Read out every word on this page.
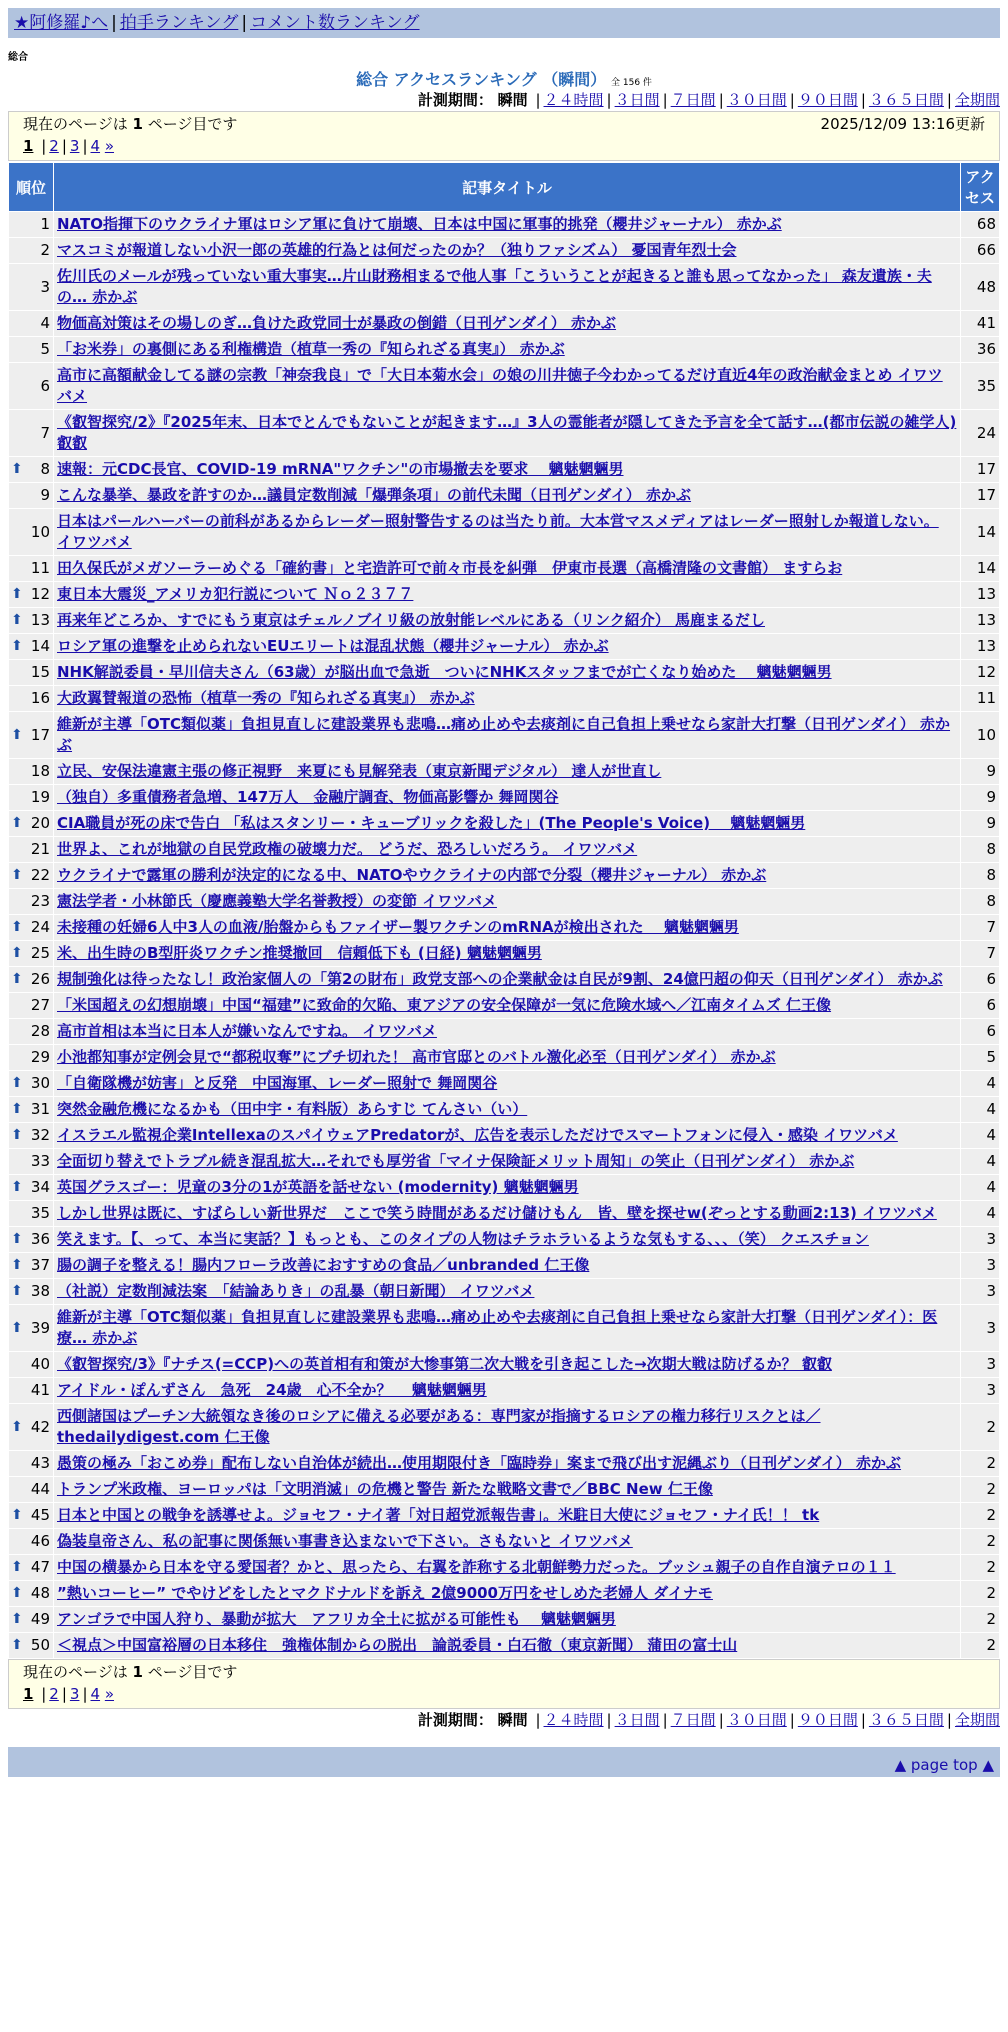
★阿修羅♪へ | 拍手ランキング | コメント数ランキング
総合
総合 アクセスランキング （瞬間） 全 156 件
計測期間： 瞬間 | ２４時間 | ３日間 | ７日間 | ３０日間 | ９０日間 | ３６５日間 | 全期間
現在のページは 1 ページ目です	2025/12/09 13:16更新
1 | 2 | 3 | 4 »
順位	記事タイトル	アクセス
1	NATO指揮下のウクライナ軍はロシア軍に負けて崩壊、日本は中国に軍事的挑発（櫻井ジャーナル） 赤かぶ	68
2	マスコミが報道しない小沢一郎の英雄的行為とは何だったのか？（独りファシズム） 憂国青年烈士会	66
3	佐川氏のメールが残っていない重大事実…片山財務相まるで他人事「こういうことが起きると誰も思ってなかった」 森友遺族・夫の… 赤かぶ	48
4	物価高対策はその場しのぎ…負けた政党同士が暴政の倒錯（日刊ゲンダイ） 赤かぶ	41
5	「お米券」の裏側にある利権構造（植草一秀の『知られざる真実』） 赤かぶ	36
6	高市に高額献金してる謎の宗教「神奈我良」で「大日本菊水会」の娘の川井徳子今わかってるだけ直近4年の政治献金まとめ イワツバメ	35
7	《叡智探究/2》『2025年末、日本でとんでもないことが起きます…』3人の霊能者が隠してきた予言を全て話す…(都市伝説の雑学人) 叡叡	24

⬆ 8	速報：元CDC長官、COVID-19 mRNA"ワクチン"の市場撤去を要求　 魑魅魍魎男	17
9	こんな暴挙、暴政を許すのか…議員定数削減「爆弾条項」の前代未聞（日刊ゲンダイ） 赤かぶ	17
10	日本はパールハーバーの前科があるからレーダー照射警告するのは当たり前。大本営マスメディアはレーダー照射しか報道しない。 イワツバメ	14
11	田久保氏がメガソーラーめぐる「確約書」と宅造許可で前々市長を糾弾　伊東市長選（高橋清隆の文書館） ますらお	14

⬆ 12	東日本大震災_アメリカ犯行説について Ｎｏ２３７７	13

⬆ 13	再来年どころか、すでにもう東京はチェルノブイリ級の放射能レベルにある（リンク紹介） 馬鹿まるだし	13

⬆ 14	ロシア軍の進撃を止められないEUエリートは混乱状態（櫻井ジャーナル） 赤かぶ	13
15	NHK解説委員・早川信夫さん（63歳）が脳出血で急逝　ついにNHKスタッフまでが亡くなり始めた　 魑魅魍魎男	12
16	大政翼賛報道の恐怖（植草一秀の『知られざる真実』） 赤かぶ	11

⬆ 17	維新が主導「OTC類似薬」負担見直しに建設業界も悲鳴…痛め止めや去痰剤に自己負担上乗せなら家計大打撃（日刊ゲンダイ） 赤かぶ	10
18	立民、安保法違憲主張の修正視野　来夏にも見解発表（東京新聞デジタル） 達人が世直し	9
19	（独自）多重債務者急増、147万人　金融庁調査、物価高影響か 舞岡関谷	9

⬆ 20	CIA職員が死の床で告白 「私はスタンリー・キューブリックを殺した」(The People's Voice)　 魑魅魍魎男	9
21	世界よ、これが地獄の自民党政権の破壊力だ。 どうだ、恐ろしいだろう。 イワツバメ	8

⬆ 22	ウクライナで露軍の勝利が決定的になる中、NATOやウクライナの内部で分裂（櫻井ジャーナル） 赤かぶ	8
23	憲法学者・小林節氏（慶應義塾大学名誉教授）の変節 イワツバメ	8

⬆ 24	未接種の妊婦6人中3人の血液/胎盤からもファイザー製ワクチンのmRNAが検出された　 魑魅魍魎男	7

⬆ 25	米、出生時のB型肝炎ワクチン推奨撤回　信頼低下も (日経) 魑魅魍魎男	7

⬆ 26	規制強化は待ったなし！政治家個人の「第2の財布」政党支部への企業献金は自民が9割、24億円超の仰天（日刊ゲンダイ） 赤かぶ	6
27	「米国超えの幻想崩壊」中国“福建”に致命的欠陥、東アジアの安全保障が一気に危険水域へ／江南タイムズ 仁王像	6
28	高市首相は本当に日本人が嫌いなんですね。 イワツバメ	6
29	小池都知事が定例会見で“都税収奪”にブチ切れた！ 高市官邸とのバトル激化必至（日刊ゲンダイ） 赤かぶ	5

⬆ 30	「自衛隊機が妨害」と反発　中国海軍、レーダー照射で 舞岡関谷	4

⬆ 31	突然金融危機になるかも（田中宇・有料版）あらすじ てんさい（い）	4

⬆ 32	イスラエル監視企業IntellexaのスパイウェアPredatorが、広告を表示しただけでスマートフォンに侵入・感染 イワツバメ	4
33	全面切り替えでトラブル続き混乱拡大…それでも厚労省「マイナ保険証メリット周知」の笑止（日刊ゲンダイ） 赤かぶ	4

⬆ 34	英国グラスゴー：児童の3分の1が英語を話せない (modernity) 魑魅魍魎男	4
35	しかし世界は既に、すばらしい新世界だ　ここで笑う時間があるだけ儲けもん　皆、壁を探せw(ぞっとする動画2:13) イワツバメ	4

⬆ 36	笑えます。【、って、本当に実話？】もっとも、このタイプの人物はチラホラいるような気もする、、、（笑） クエスチョン	3

⬆ 37	腸の調子を整える！腸内フローラ改善におすすめの食品／unbranded 仁王像	3

⬆ 38	（社説）定数削減法案　「結論ありき」の乱暴（朝日新聞） イワツバメ	3

⬆ 39	維新が主導「OTC類似薬」負担見直しに建設業界も悲鳴…痛め止めや去痰剤に自己負担上乗せなら家計大打撃（日刊ゲンダイ）：医療… 赤かぶ	3
40	《叡智探究/3》『ナチス(=CCP)への英首相有和策が大惨事第二次大戦を引き起こした→次期大戦は防げるか？ 叡叡	3
41	アイドル・ぽんずさん　急死　24歳　心不全か？　 魑魅魍魎男	3

⬆ 42	西側諸国はプーチン大統領なき後のロシアに備える必要がある：専門家が指摘するロシアの権力移行リスクとは／thedailydigest.com 仁王像	2
43	愚策の極み「おこめ券」配布しない自治体が続出…使用期限付き「臨時券」案まで飛び出す泥縄ぶり（日刊ゲンダイ） 赤かぶ	2
44	トランプ米政権、ヨーロッパは「文明消滅」の危機と警告 新たな戦略文書で／BBC New 仁王像	2

⬆ 45	日本と中国との戦争を誘導せよ。ジョセフ・ナイ著「対日超党派報告書」。米駐日大使にジョセフ・ナイ氏！！ tk	2
46	偽装皇帝さん、私の記事に関係無い事書き込まないで下さい。さもないと イワツバメ	2

⬆ 47	中国の横暴から日本を守る愛国者？かと、思ったら、右翼を詐称する北朝鮮勢力だった。ブッシュ親子の自作自演テロの１１	2

⬆ 48	”熱いコーヒー” でやけどをしたとマクドナルドを訴え 2億9000万円をせしめた老婦人 ダイナモ	2

⬆ 49	アンゴラで中国人狩り、暴動が拡大　アフリカ全土に拡がる可能性も　 魑魅魍魎男	2

⬆ 50	＜視点＞中国富裕層の日本移住　強権体制からの脱出　論説委員・白石徹（東京新聞） 蒲田の富士山	2
現在のページは 1 ページ目です
1 | 2 | 3 | 4 »
計測期間： 瞬間 | ２４時間 | ３日間 | ７日間 | ３０日間 | ９０日間 | ３６５日間 | 全期間
▲ page top ▲
